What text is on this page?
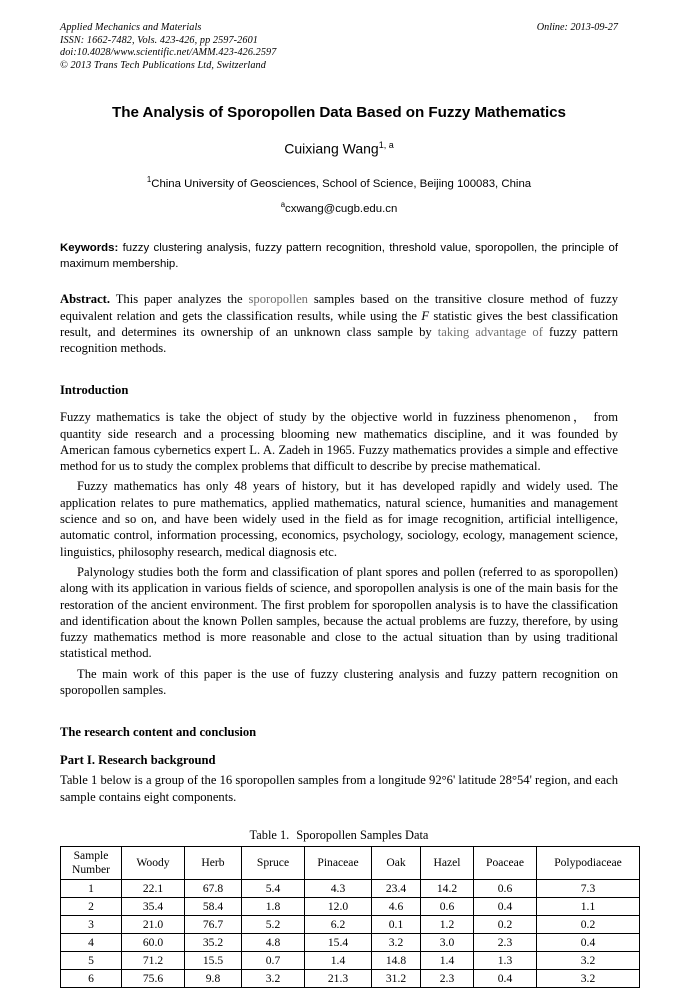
Applied Mechanics and Materials
ISSN: 1662-7482, Vols. 423-426, pp 2597-2601
doi:10.4028/www.scientific.net/AMM.423-426.2597
© 2013 Trans Tech Publications Ltd, Switzerland
Online: 2013-09-27
The Analysis of Sporopollen Data Based on Fuzzy Mathematics
Cuixiang Wang$^{1, a}$
$^1$China University of Geosciences, School of Science, Beijing 100083, China
$^a$cxwang@cugb.edu.cn
Keywords: fuzzy clustering analysis, fuzzy pattern recognition, threshold value, sporopollen, the principle of maximum membership.
Abstract. This paper analyzes the sporopollen samples based on the transitive closure method of fuzzy equivalent relation and gets the classification results, while using the F statistic gives the best classification result, and determines its ownership of an unknown class sample by taking advantage of fuzzy pattern recognition methods.
Introduction

Fuzzy mathematics is take the object of study by the objective world in fuzziness phenomenon， from quantity side research and a processing blooming new mathematics discipline, and it was founded by American famous cybernetics expert L. A. Zadeh in 1965. Fuzzy mathematics provides a simple and effective method for us to study the complex problems that difficult to describe by precise mathematical.

Fuzzy mathematics has only 48 years of history, but it has developed rapidly and widely used. The application relates to pure mathematics, applied mathematics, natural science, humanities and management science and so on, and have been widely used in the field as for image recognition, artificial intelligence, automatic control, information processing, economics, psychology, sociology, ecology, management science, linguistics, philosophy research, medical diagnosis etc.

Palynology studies both the form and classification of plant spores and pollen (referred to as sporopollen) along with its application in various fields of science, and sporopollen analysis is one of the main basis for the restoration of the ancient environment. The first problem for sporopollen analysis is to have the classification and identification about the known Pollen samples, because the actual problems are fuzzy, therefore, by using fuzzy mathematics method is more reasonable and close to the actual situation than by using traditional statistical method.

The main work of this paper is the use of fuzzy clustering analysis and fuzzy pattern recognition on sporopollen samples.

The research content and conclusion
Part I. Research background

Table 1 below is a group of the 16 sporopollen samples from a longitude 92°6' latitude 28°54' region, and each sample contains eight components.

Table 1. Sporopollen Samples Data
Sample
Number	Woody	Herb	Spruce	Pinaceae	Oak	Hazel	Poaceae	Polypodiaceae
1	22.1	67.8	5.4	4.3	23.4	14.2	0.6	7.3
2	35.4	58.4	1.8	12.0	4.6	0.6	0.4	1.1
3	21.0	76.7	5.2	6.2	0.1	1.2	0.2	0.2
4	60.0	35.2	4.8	15.4	3.2	3.0	2.3	0.4
5	71.2	15.5	0.7	1.4	14.8	1.4	1.3	3.2
6	75.6	9.8	3.2	21.3	31.2	2.3	0.4	3.2
